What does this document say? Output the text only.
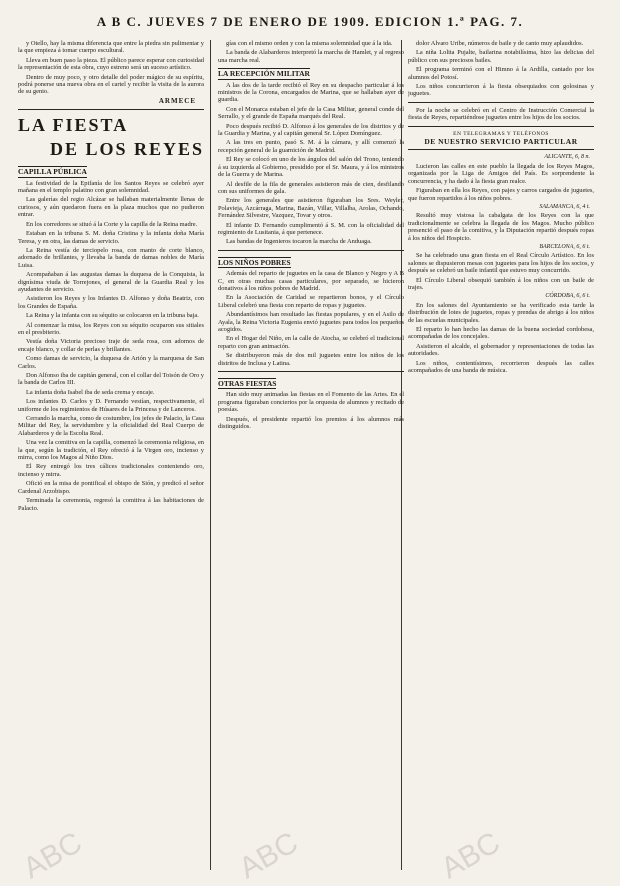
A B C. JUEVES 7 DE ENERO DE 1909. EDICION 1.ª PAG. 7.

y Otello, hay la misma diferencia que entre la piedra sin pulimentar y la que empieza á tomar cuerpo escultural.

Lleva en buen paso la pieza. El público parece esperar con curiosidad la representación de esta obra, cuyo estreno será un suceso artístico.

Dentro de muy poco, y otro detalle del poder mágico de su espíritu, podrá ponerse una nueva obra en el cartel y recibir la visita de la aurora de su genio.

ARMECE
LA FIESTA
DE LOS REYES
CAPILLA PÚBLICA

La festividad de la Epifanía de los Santos Reyes se celebró ayer mañana en el templo palatino con gran solemnidad.

Las galerías del regio Alcázar se hallaban materialmente llenas de curiosos, y aún quedaron fuera en la plaza muchos que no pudieron entrar.

En los corredores se situó á la Corte y la capilla de la Reina madre.

Estaban en la tribuna S. M. doña Cristina y la infanta doña María Teresa, y en otra, las damas de servicio.

La Reina vestía de terciopelo rosa, con manto de corte blanco, adornado de brillantes, y llevaba la banda de damas nobles de María Luisa.

Acompañaban á las augustas damas la duquesa de la Conquista, la dignísima viuda de Torrejones, el general de la Guardia Real y los ayudantes de servicio.

Asistieron los Reyes y los Infantes D. Alfonso y doña Beatriz, con los Grandes de España.

La Reina y la infanta con su séquito se colocaron en la tribuna baja.

Al comenzar la misa, los Reyes con su séquito ocuparon sus sitiales en el presbiterio.

Vestía doña Victoria precioso traje de seda rosa, con adornos de encaje blanco, y collar de perlas y brillantes.

Como damas de servicio, la duquesa de Arión y la marquesa de San Carlos.

Don Alfonso iba de capitán general, con el collar del Toisón de Oro y la banda de Carlos III.

La infanta doña Isabel iba de seda crema y encaje.

Los infantes D. Carlos y D. Fernando vestían, respectivamente, el uniforme de los regimientos de Húsares de la Princesa y de Lanceros.

Cerrando la marcha, como de costumbre, los jefes de Palacio, la Casa Militar del Rey, la servidumbre y la oficialidad del Real Cuerpo de Alabarderos y de la Escolta Real.

Una vez la comitiva en la capilla, comenzó la ceremonia religiosa, en la que, según la tradición, el Rey ofreció á la Virgen oro, incienso y mirra, como los Magos al Niño Dios.

El Rey entregó los tres cálices tradicionales conteniendo oro, incienso y mirra.

Ofició en la misa de pontifical el obispo de Sión, y predicó el señor Cardenal Arzobispo.

Terminada la ceremonia, regresó la comitiva á las habitaciones de Palacio.

gías con el mismo orden y con la misma solemnidad que á la ida.

La banda de Alabarderos interpretó la marcha de Hamlet, y al regreso una marcha real.

LA RECEPCIÓN MILITAR

A las dos de la tarde recibió el Rey en su despacho particular á los ministros de la Corona, encargados de Marina, que se hallaban ayer de guardia.

Con el Monarca estaban el jefe de la Casa Militar, general conde del Serrallo, y el grande de España marqués del Real.

Poco después recibió D. Alfonso á los generales de los distritos y de la Guardia y Marina, y al capitán general Sr. López Domínguez.

A las tres en punto, pasó S. M. á la cámara, y allí comenzó la recepción general de la guarnición de Madrid.

El Rey se colocó en uno de los ángulos del salón del Trono, teniendo á su izquierda al Gobierno, presidido por el Sr. Maura, y á los ministros de la Guerra y de Marina.

Al desfile de la fila de generales asistieron más de cien, desfilando con sus uniformes de gala.

Entre los generales que asistieron figuraban los Sres. Weyler, Polavieja, Azcárraga, Marina, Bazán, Villar, Villalba, Arolas, Ochando, Fernández Silvestre, Vazquez, Tovar y otros.

El infante D. Fernando cumplimentó á S. M. con la oficialidad del regimiento de Lusitania, á que pertenece.

Las bandas de Ingenieros tocaron la marcha de Anduaga.

LOS NIÑOS POBRES

Además del reparto de juguetes en la casa de Blanco y Negro y A B C, en otras muchas casas particulares, por separado, se hicieron donativos á los niños pobres de Madrid.

En la Asociación de Caridad se repartieron bonos, y el Círculo Liberal celebró una fiesta con reparto de ropas y juguetes.

Abundantísimos han resultado las fiestas populares, y en el Asilo de Ayala, la Reina Victoria Eugenia envió juguetes para todos los pequeños acogidos.

En el Hogar del Niño, en la calle de Atocha, se celebró el tradicional reparto con gran animación.

Se distribuyeron más de dos mil juguetes entre los niños de los distritos de Inclusa y Latina.

OTRAS FIESTAS

Han sido muy animadas las fiestas en el Fomento de las Artes. En el programa figuraban conciertos por la orquesta de alumnos y recitado de poesías.

Después, el presidente repartió los premios á los alumnos más distinguidos.

dolor Alvaro Uribe, números de baile y de canto muy aplaudidos.

La niña Lolita Pujalte, bailarina notabilísima, hizo las delicias del público con sus preciosos bailes.

El programa terminó con el Himno á la Ardilla, cantado por los alumnos del Potosí.

Los niños concurrieron á la fiesta obsequiados con golosinas y juguetes.

Por la noche se celebró en el Centro de Instrucción Comercial la fiesta de Reyes, repartiéndose juguetes entre los hijos de los socios.

EN TELEGRAMAS Y TELÉFONOS
DE NUESTRO SERVICIO PARTICULAR
ALICANTE, 6, 8 n.

Lucieron las calles en este pueblo la llegada de los Reyes Magos, organizada por la Liga de Amigos del País. Es sorprendente la concurrencia, y ha dado á la fiesta gran realce.

Figuraban en ella los Reyes, con pajes y carros cargados de juguetes, que fueron repartidos á los niños pobres.

SALAMANCA, 6, 4 t.

Resultó muy vistosa la cabalgata de los Reyes con la que tradicionalmente se celebra la llegada de los Magos. Mucho público presenció el paso de la comitiva, y la Diputación repartió después ropas á los niños del Hospicio.

BARCELONA, 6, 6 t.

Se ha celebrado una gran fiesta en el Real Círculo Artístico. En los salones se dispusieron mesas con juguetes para los hijos de los socios, y después se celebró un baile infantil que estuvo muy concurrido.

El Círculo Liberal obsequió también á los niños con un baile de trajes.

CÓRDOBA, 6, 6 t.

En los salones del Ayuntamiento se ha verificado esta tarde la distribución de lotes de juguetes, ropas y prendas de abrigo á los niños de las escuelas municipales.

El reparto lo han hecho las damas de la buena sociedad cordobesa, acompañadas de los concejales.

Asistieron el alcalde, el gobernador y representaciones de todas las autoridades.

Los niños, contentísimos, recorrieron después las calles acompañados de una banda de música.

ABC	ABC	ABC
